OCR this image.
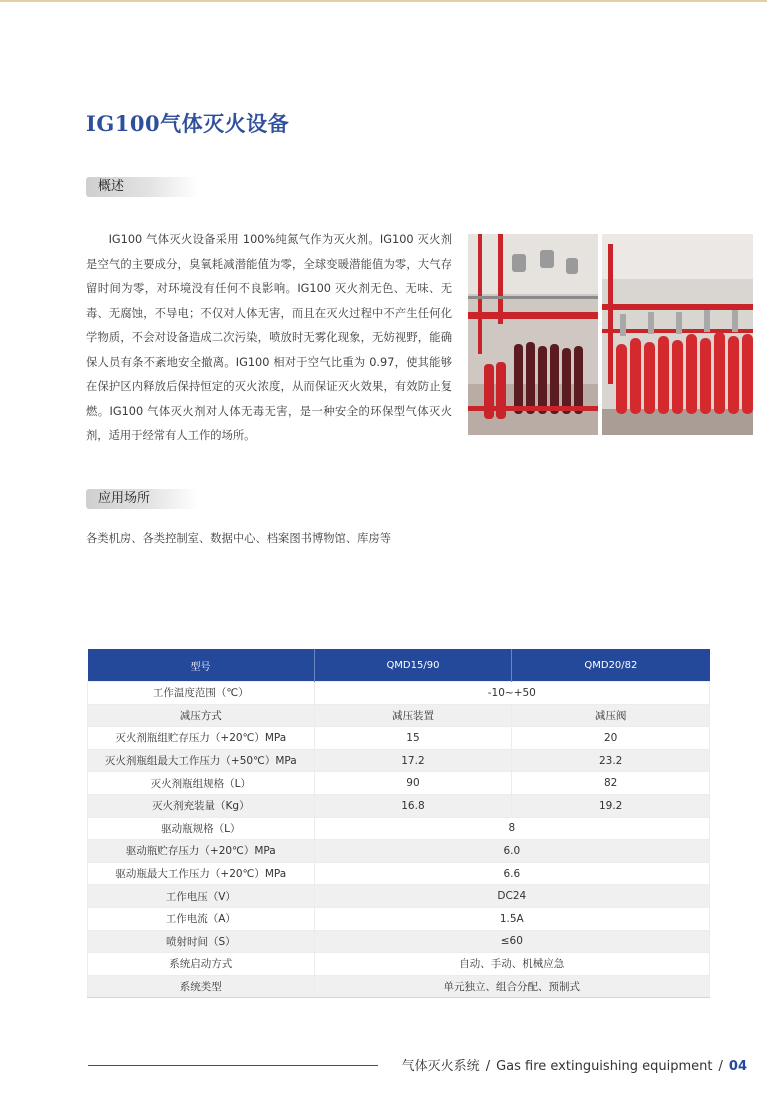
IG100气体灭火设备
概述

IG100 气体灭火设备采用 100%纯氮气作为灭火剂。IG100 灭火剂是空气的主要成分，臭氧耗减潜能值为零，全球变暖潜能值为零，大气存留时间为零，对环境没有任何不良影响。IG100 灭火剂无色、无味、无毒、无腐蚀，不导电；不仅对人体无害，而且在灭火过程中不产生任何化学物质，不会对设备造成二次污染，喷放时无雾化现象，无妨视野，能确保人员有条不紊地安全撤离。IG100 相对于空气比重为 0.97，使其能够在保护区内释放后保持恒定的灭火浓度，从而保证灭火效果，有效防止复燃。IG100 气体灭火剂对人体无毒无害，是一种安全的环保型气体灭火剂，适用于经常有人工作的场所。

应用场所
各类机房、各类控制室、数据中心、档案图书博物馆、库房等
型号	QMD15/90	QMD20/82
工作温度范围（℃）	-10~+50	
减压方式	减压装置	减压阀
灭火剂瓶组贮存压力（+20℃）MPa	15	20
灭火剂瓶组最大工作压力（+50℃）MPa	17.2	23.2
灭火剂瓶组规格（L）	90	82
灭火剂充装量（Kg）	16.8	19.2
驱动瓶规格（L）	8	
驱动瓶贮存压力（+20℃）MPa	6.0	
驱动瓶最大工作压力（+20℃）MPa	6.6	
工作电压（V）	DC24	
工作电流（A）	1.5A	
喷射时间（S）	≤60	
系统启动方式	自动、手动、机械应急	
系统类型	单元独立、组合分配、预制式	
气体灭火系统 / Gas fire extinguishing equipment / 04
